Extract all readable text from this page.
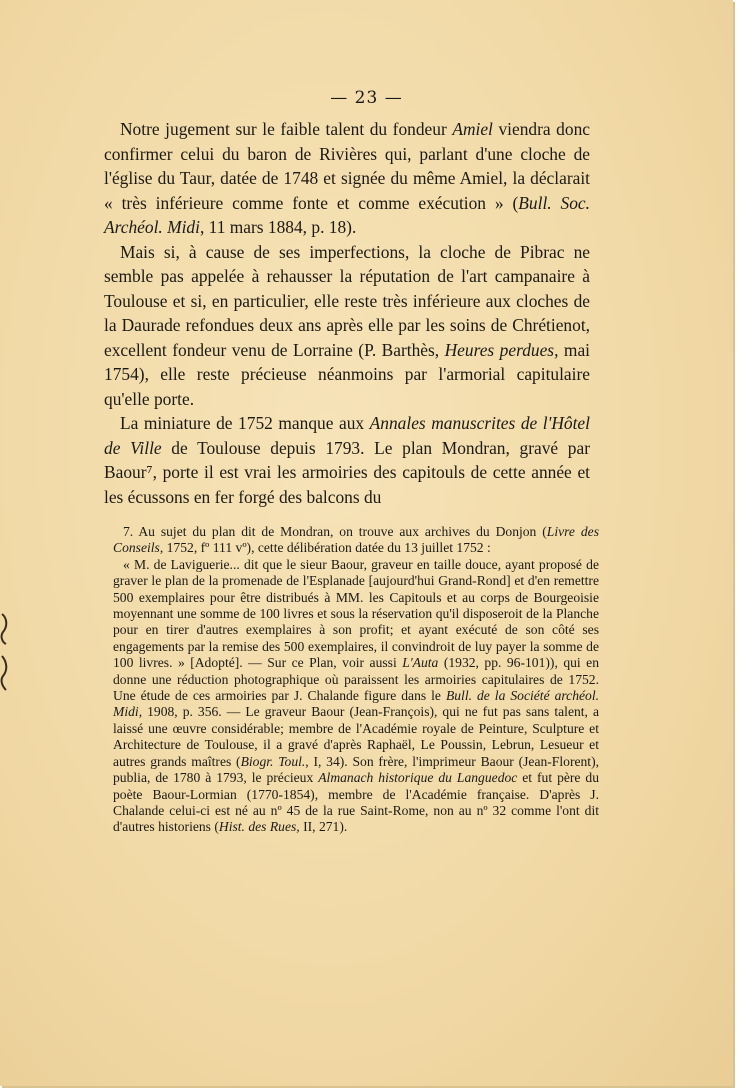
— 23 —

Notre jugement sur le faible talent du fondeur Amiel viendra donc confirmer celui du baron de Rivières qui, parlant d'une cloche de l'église du Taur, datée de 1748 et signée du même Amiel, la déclarait « très inférieure comme fonte et comme exécution » (Bull. Soc. Archéol. Midi, 11 mars 1884, p. 18).

Mais si, à cause de ses imperfections, la cloche de Pibrac ne semble pas appelée à rehausser la réputation de l'art campanaire à Toulouse et si, en particulier, elle reste très inférieure aux cloches de la Daurade refondues deux ans après elle par les soins de Chrétienot, excellent fondeur venu de Lorraine (P. Barthès, Heures perdues, mai 1754), elle reste précieuse néanmoins par l'armorial capitulaire qu'elle porte.

La miniature de 1752 manque aux Annales manuscrites de l'Hôtel de Ville de Toulouse depuis 1793. Le plan Mondran, gravé par Baour⁷, porte il est vrai les armoiries des capitouls de cette année et les écussons en fer forgé des balcons du

7. Au sujet du plan dit de Mondran, on trouve aux archives du Donjon (Livre des Conseils, 1752, fº 111 vº), cette délibération datée du 13 juillet 1752 :

« M. de Laviguerie... dit que le sieur Baour, graveur en taille douce, ayant proposé de graver le plan de la promenade de l'Esplanade [aujourd'hui Grand-Rond] et d'en remettre 500 exemplaires pour être distribués à MM. les Capitouls et au corps de Bourgeoisie moyennant une somme de 100 livres et sous la réservation qu'il disposeroit de la Planche pour en tirer d'autres exemplaires à son profit; et ayant exécuté de son côté ses engagements par la remise des 500 exemplaires, il convindroit de luy payer la somme de 100 livres. » [Adopté]. — Sur ce Plan, voir aussi L'Auta (1932, pp. 96-101)), qui en donne une réduction photographique où paraissent les armoiries capitulaires de 1752. Une étude de ces armoiries par J. Chalande figure dans le Bull. de la Société archéol. Midi, 1908, p. 356. — Le graveur Baour (Jean-François), qui ne fut pas sans talent, a laissé une œuvre considérable; membre de l'Académie royale de Peinture, Sculpture et Architecture de Toulouse, il a gravé d'après Raphaël, Le Poussin, Lebrun, Lesueur et autres grands maîtres (Biogr. Toul., I, 34). Son frère, l'imprimeur Baour (Jean-Florent), publia, de 1780 à 1793, le précieux Almanach historique du Languedoc et fut père du poète Baour-Lormian (1770-1854), membre de l'Académie française. D'après J. Chalande celui-ci est né au nº 45 de la rue Saint-Rome, non au nº 32 comme l'ont dit d'autres historiens (Hist. des Rues, II, 271).
